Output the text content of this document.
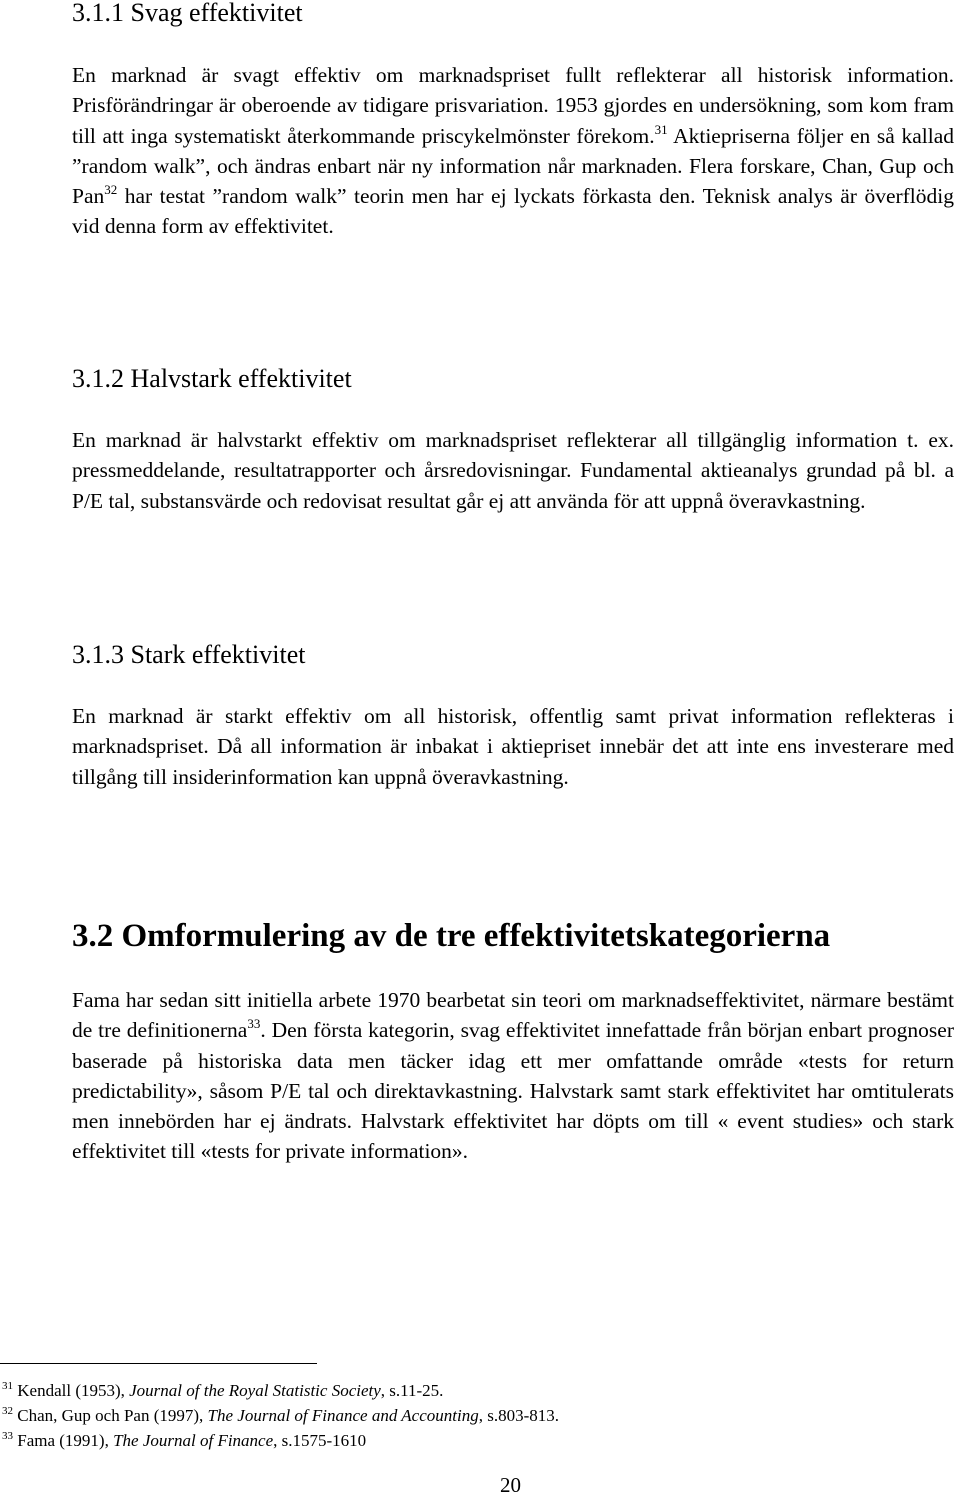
3.1.1 Svag effektivitet

En marknad är svagt effektiv om marknadspriset fullt reflekterar all historisk information. Prisförändringar är oberoende av tidigare prisvariation. 1953 gjordes en undersökning, som kom fram till att inga systematiskt återkommande priscykelmönster förekom.$^{31}$ Aktiepriserna följer en så kallad ”random walk”, och ändras enbart när ny information når marknaden. Flera forskare, Chan, Gup och Pan$^{32}$ har testat ”random walk” teorin men har ej lyckats förkasta den. Teknisk analys är överflödig vid denna form av effektivitet.

3.1.2 Halvstark effektivitet

En marknad är halvstarkt effektiv om marknadspriset reflekterar all tillgänglig information t. ex. pressmeddelande, resultatrapporter och årsredovisningar. Fundamental aktieanalys grundad på bl. a P/E tal, substansvärde och redovisat resultat går ej att använda för att uppnå överavkastning.

3.1.3 Stark effektivitet

En marknad är starkt effektiv om all historisk, offentlig samt privat information reflekteras i marknadspriset. Då all information är inbakat i aktiepriset innebär det att inte ens investerare med tillgång till insiderinformation kan uppnå överavkastning.

3.2 Omformulering av de tre effektivitetskategorierna

Fama har sedan sitt initiella arbete 1970 bearbetat sin teori om marknadseffektivitet, närmare bestämt de tre definitionerna$^{33}$. Den första kategorin, svag effektivitet innefattade från början enbart prognoser baserade på historiska data men täcker idag ett mer omfattande område «tests for return predictability», såsom P/E tal och direktavkastning. Halvstark samt stark effektivitet har omtitulerats men innebörden har ej ändrats. Halvstark effektivitet har döpts om till « event studies» och stark effektivitet till «tests for private information».

$^{31}$ Kendall (1953), Journal of the Royal Statistic Society, s.11-25.
$^{32}$ Chan, Gup och Pan (1997), The Journal of Finance and Accounting, s.803-813.
$^{33}$ Fama (1991), The Journal of Finance, s.1575-1610
20
